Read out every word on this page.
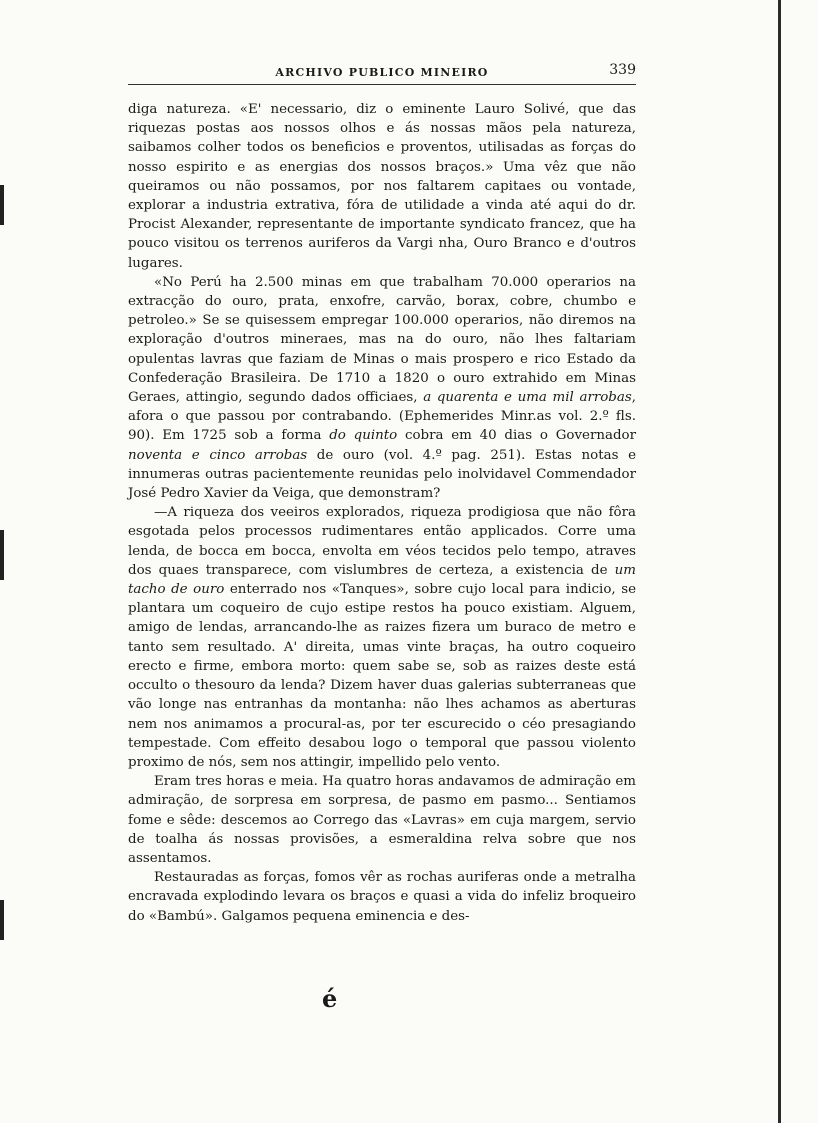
ARCHIVO PUBLICO MINEIRO	339

diga natureza. «E' necessario, diz o eminente Lauro Solivé, que das riquezas postas aos nossos olhos e ás nossas mãos pela natureza, saibamos colher todos os beneficios e proventos, utilisadas as forças do nosso espirito e as energias dos nossos braços.» Uma vêz que não queiramos ou não possamos, por nos faltarem capitaes ou vontade, explorar a industria extrativa, fóra de utilidade a vinda até aqui do dr. Procist Alexander, representante de importante syndicato francez, que ha pouco visitou os terrenos auriferos da Vargi nha, Ouro Branco e d'outros lugares.

«No Perú ha 2.500 minas em que trabalham 70.000 operarios na extracção do ouro, prata, enxofre, carvão, borax, cobre, chumbo e petroleo.» Se se quisessem empregar 100.000 operarios, não diremos na exploração d'outros mineraes, mas na do ouro, não lhes faltariam opulentas lavras que faziam de Minas o mais prospero e rico Estado da Confederação Brasileira. De 1710 a 1820 o ouro extrahido em Minas Geraes, attingio, segundo dados officiaes, a quarenta e uma mil arrobas, afora o que passou por contrabando. (Ephemerides Minr.as vol. 2.º fls. 90). Em 1725 sob a forma do quinto cobra em 40 dias o Governador noventa e cinco arrobas de ouro (vol. 4.º pag. 251). Estas notas e innumeras outras pacientemente reunidas pelo inolvidavel Commendador José Pedro Xavier da Veiga, que demonstram?

—A riqueza dos veeiros explorados, riqueza prodigiosa que não fôra esgotada pelos processos rudimentares então applicados. Corre uma lenda, de bocca em bocca, envolta em véos tecidos pelo tempo, atraves dos quaes transparece, com vislumbres de certeza, a existencia de um tacho de ouro enterrado nos «Tanques», sobre cujo local para indicio, se plantara um coqueiro de cujo estipe restos ha pouco existiam. Alguem, amigo de lendas, arrancando-lhe as raizes fizera um buraco de metro e tanto sem resultado. A' direita, umas vinte braças, ha outro coqueiro erecto e firme, embora morto: quem sabe se, sob as raizes deste está occulto o thesouro da lenda? Dizem haver duas galerias subterraneas que vão longe nas entranhas da montanha: não lhes achamos as aberturas nem nos animamos a procural-as, por ter escurecido o céo presagiando tempestade. Com effeito desabou logo o temporal que passou violento proximo de nós, sem nos attingir, impellido pelo vento.

Eram tres horas e meia. Ha quatro horas andavamos de admiração em admiração, de sorpresa em sorpresa, de pasmo em pasmo... Sentiamos fome e sêde: descemos ao Corrego das «Lavras» em cuja margem, servio de toalha ás nossas provisões, a esmeraldina relva sobre que nos assentamos.

Restauradas as forças, fomos vêr as rochas auriferas onde a metralha encravada explodindo levara os braços e quasi a vida do infeliz broqueiro do «Bambú». Galgamos pequena eminencia e des-

é
